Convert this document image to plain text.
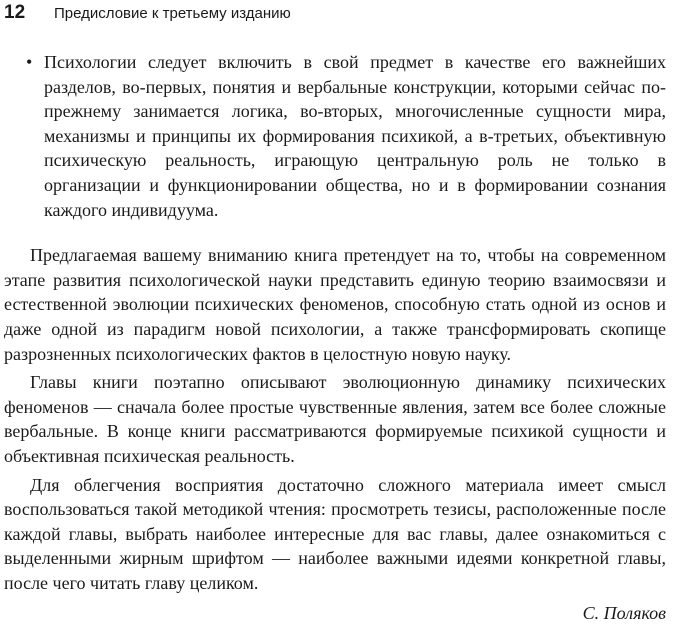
12	Предисловие к третьему изданию

• Психологии следует включить в свой предмет в качестве его важнейших разделов, во-первых, понятия и вербальные конструкции, которыми сейчас по-прежнему занимается логика, во-вторых, многочисленные сущности мира, механизмы и принципы их формирования психикой, а в-третьих, объективную психическую реальность, играющую центральную роль не только в организации и функционировании общества, но и в формировании сознания каждого индивидуума.

Предлагаемая вашему вниманию книга претендует на то, чтобы на современном этапе развития психологической науки представить единую теорию взаимосвязи и естественной эволюции психических феноменов, способную стать одной из основ и даже одной из парадигм новой психологии, а также трансформировать скопище разрозненных психологических фактов в целостную новую науку.

Главы книги поэтапно описывают эволюционную динамику психических феноменов — сначала более простые чувственные явления, затем все более сложные вербальные. В конце книги рассматриваются формируемые психикой сущности и объективная психическая реальность.

Для облегчения восприятия достаточно сложного материала имеет смысл воспользоваться такой методикой чтения: просмотреть тезисы, расположенные после каждой главы, выбрать наиболее интересные для вас главы, далее ознакомиться с выделенными жирным шрифтом — наиболее важными идеями конкретной главы, после чего читать главу целиком.

С. Поляков
